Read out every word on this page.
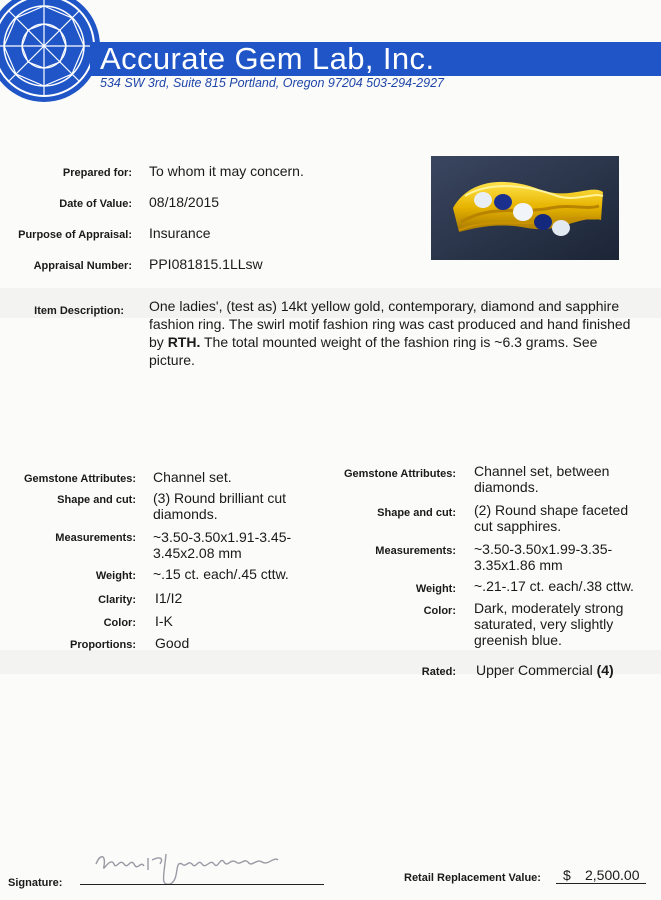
Accurate Gem Lab, Inc.
534 SW 3rd, Suite 815 Portland, Oregon 97204 503-294-2927
Prepared for: To whom it may concern.
Date of Value: 08/18/2015
Purpose of Appraisal: Insurance
Appraisal Number: PPI081815.1LLsw
Item Description: One ladies', (test as) 14kt yellow gold, contemporary, diamond and sapphire fashion ring. The swirl motif fashion ring was cast produced and hand finished by RTH. The total mounted weight of the fashion ring is ~6.3 grams. See picture.
Gemstone Attributes: Channel set.
Shape and cut: (3) Round brilliant cut diamonds.
Measurements: ~3.50-3.50x1.91-3.45-3.45x2.08 mm
Weight: ~.15 ct. each/.45 cttw.
Clarity: I1/I2
Color: I-K
Proportions: Good
Gemstone Attributes: Channel set, between diamonds.
Shape and cut: (2) Round shape faceted cut sapphires.
Measurements: ~3.50-3.50x1.99-3.35- 3.35x1.86 mm
Weight: ~.21-.17 ct. each/.38 cttw.
Color: Dark, moderately strong saturated, very slightly greenish blue.
Rated: Upper Commercial (4)
Signature:	Retail Replacement Value: $ 2,500.00
